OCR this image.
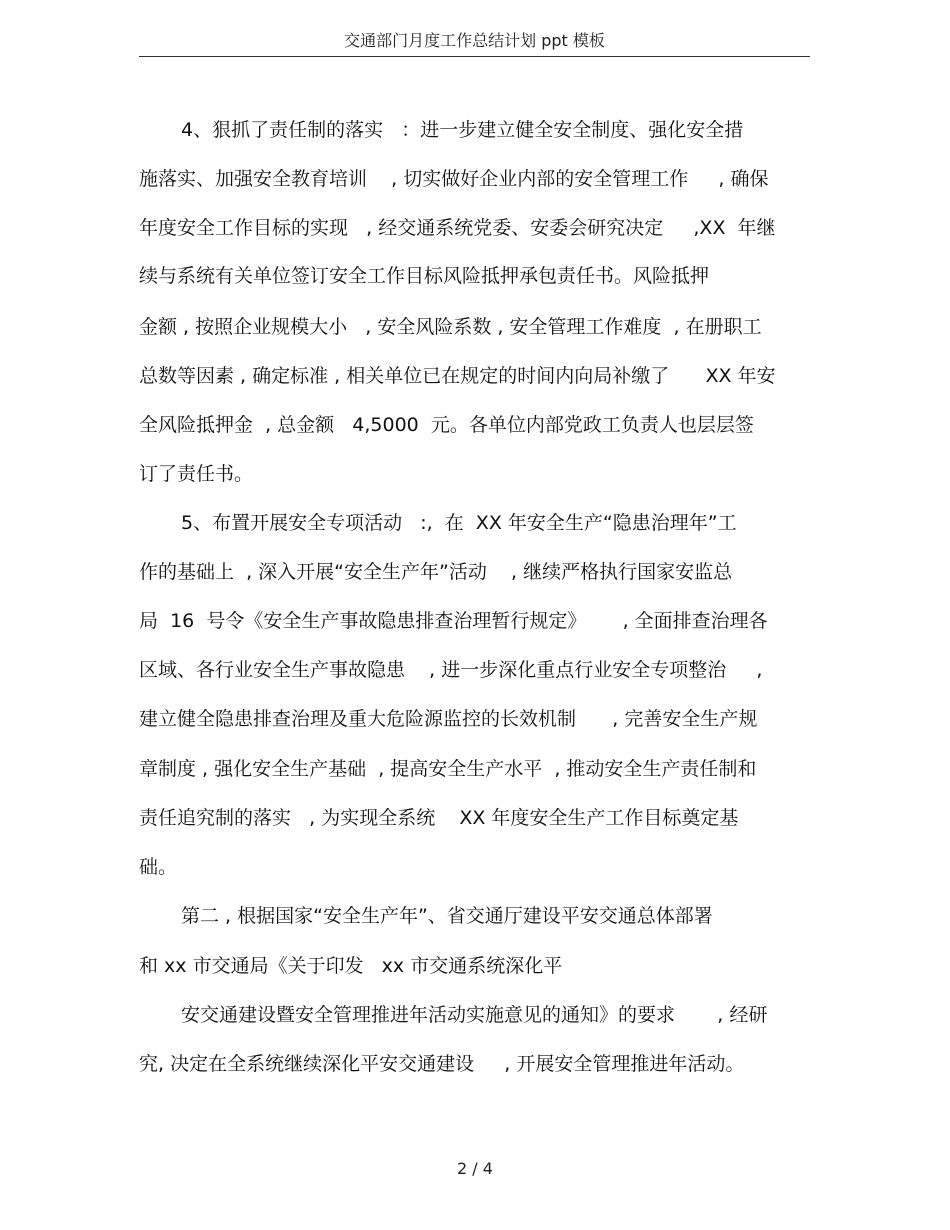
交通部门月度工作总结计划 ppt 模板
4、狠抓了责任制的落实   ：进一步建立健全安全制度、强化安全措
施落实、加强安全教育培训    , 切实做好企业内部的安全管理工作     , 确保
年度安全工作目标的实现   , 经交通系统党委、安委会研究决定     ,XX  年继
续与系统有关单位签订安全工作目标风险抵押承包责任书。风险抵押
金额 , 按照企业规模大小   , 安全风险系数 , 安全管理工作难度  , 在册职工
总数等因素 , 确定标准 , 相关单位已在规定的时间内向局补缴了      XX 年安
全风险抵押金  , 总金额   4,5000  元。各单位内部党政工负责人也层层签
订了责任书。
5、布置开展安全专项活动   :,  在  XX 年安全生产“隐患治理年”工
作的基础上  , 深入开展“安全生产年”活动    , 继续严格执行国家安监总
局  16  号令《安全生产事故隐患排查治理暂行规定》      , 全面排查治理各
区域、各行业安全生产事故隐患    , 进一步深化重点行业安全专项整治     ,
建立健全隐患排查治理及重大危险源监控的长效机制      , 完善安全生产规
章制度 , 强化安全生产基础  , 提高安全生产水平  , 推动安全生产责任制和
责任追究制的落实   , 为实现全系统    XX 年度安全生产工作目标奠定基
础。
第二 , 根据国家“安全生产年”、省交通厅建设平安交通总体部署
和 xx 市交通局《关于印发   xx 市交通系统深化平
安交通建设暨安全管理推进年活动实施意见的通知》的要求       , 经研
究, 决定在全系统继续深化平安交通建设     , 开展安全管理推进年活动。
2 / 4
